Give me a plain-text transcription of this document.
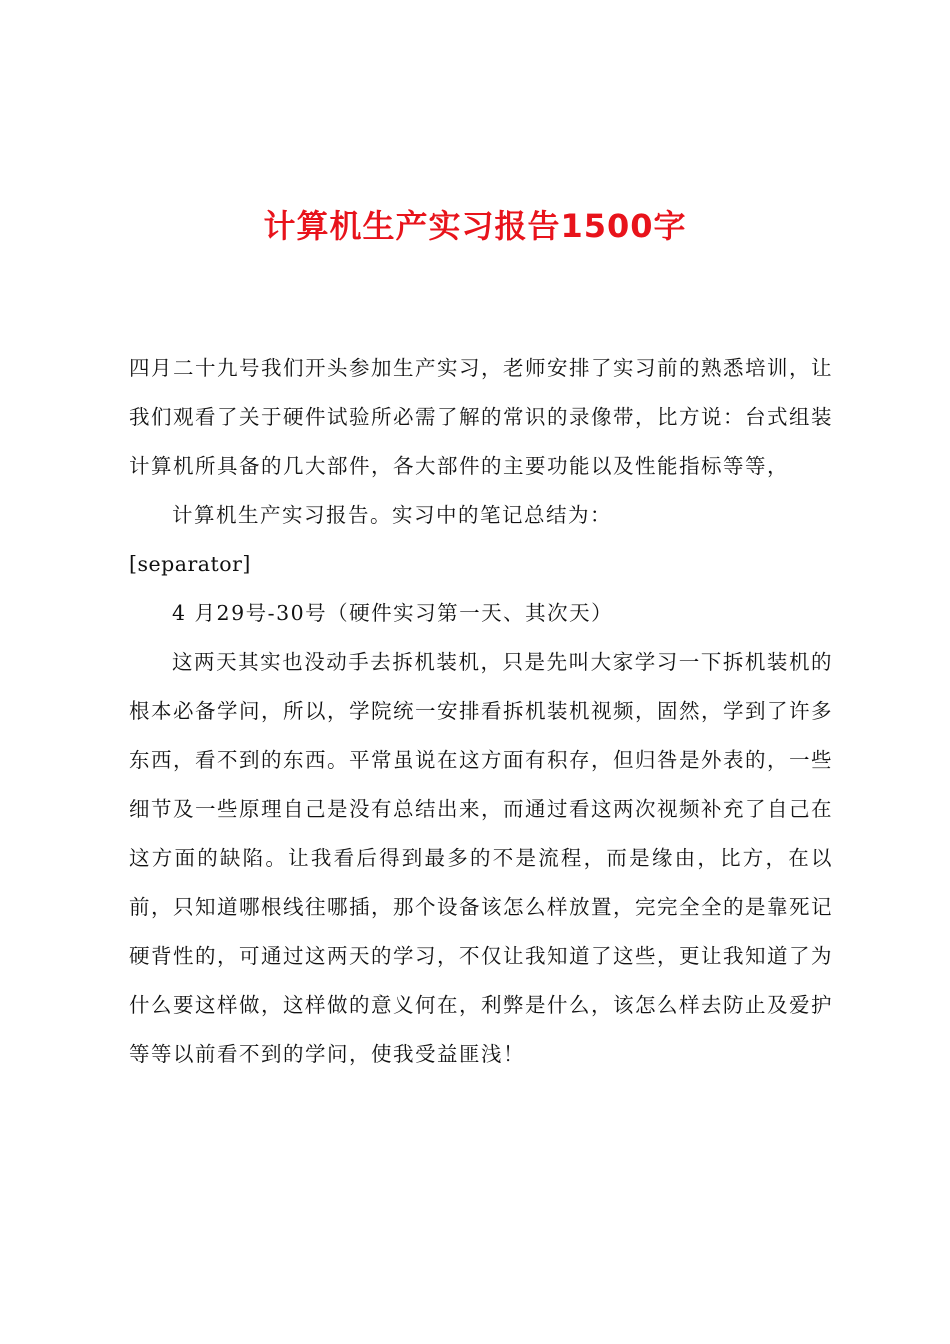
计算机生产实习报告1500字

四月二十九号我们开头参加生产实习，老师安排了实习前的熟悉培训，让我们观看了关于硬件试验所必需了解的常识的录像带，比方说：台式组装计算机所具备的几大部件，各大部件的主要功能以及性能指标等等，

计算机生产实习报告。实习中的笔记总结为：

[separator]

4 月29号-30号（硬件实习第一天、其次天）

这两天其实也没动手去拆机装机，只是先叫大家学习一下拆机装机的根本必备学问，所以，学院统一安排看拆机装机视频，固然，学到了许多东西，看不到的东西。平常虽说在这方面有积存，但归咎是外表的，一些细节及一些原理自己是没有总结出来，而通过看这两次视频补充了自己在这方面的缺陷。让我看后得到最多的不是流程，而是缘由，比方，在以前，只知道哪根线往哪插，那个设备该怎么样放置，完完全全的是靠死记硬背性的，可通过这两天的学习，不仅让我知道了这些，更让我知道了为什么要这样做，这样做的意义何在，利弊是什么，该怎么样去防止及爱护等等以前看不到的学问，使我受益匪浅！
